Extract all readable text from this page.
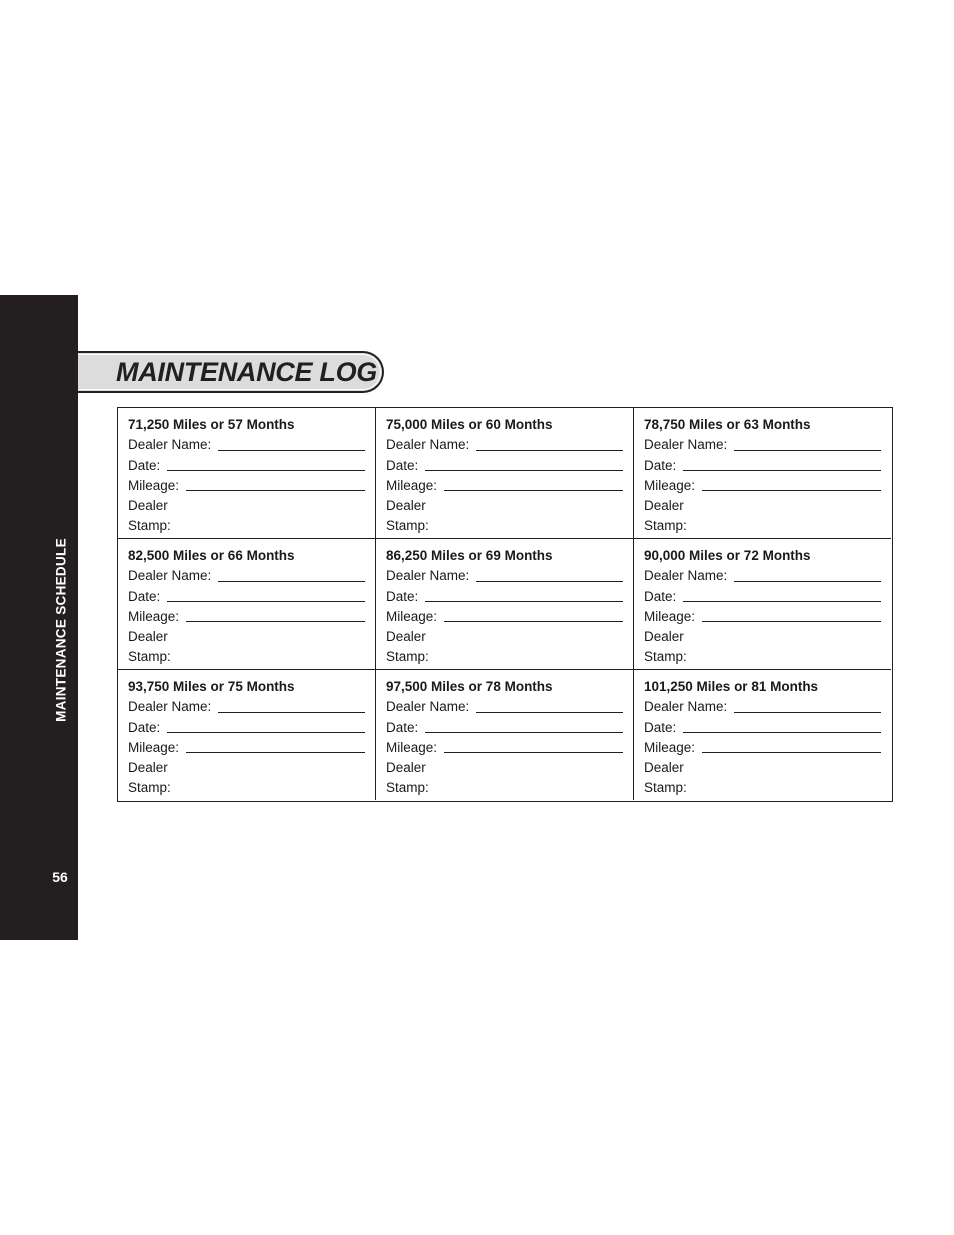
MAINTENANCE SCHEDULE
56
MAINTENANCE LOG
71,250 Miles or 57 Months
Dealer Name:
Date:
Mileage:
Dealer
Stamp:
75,000 Miles or 60 Months
Dealer Name:
Date:
Mileage:
Dealer
Stamp:
78,750 Miles or 63 Months
Dealer Name:
Date:
Mileage:
Dealer
Stamp:
82,500 Miles or 66 Months
Dealer Name:
Date:
Mileage:
Dealer
Stamp:
86,250 Miles or 69 Months
Dealer Name:
Date:
Mileage:
Dealer
Stamp:
90,000 Miles or 72 Months
Dealer Name:
Date:
Mileage:
Dealer
Stamp:
93,750 Miles or 75 Months
Dealer Name:
Date:
Mileage:
Dealer
Stamp:
97,500 Miles or 78 Months
Dealer Name:
Date:
Mileage:
Dealer
Stamp:
101,250 Miles or 81 Months
Dealer Name:
Date:
Mileage:
Dealer
Stamp:
